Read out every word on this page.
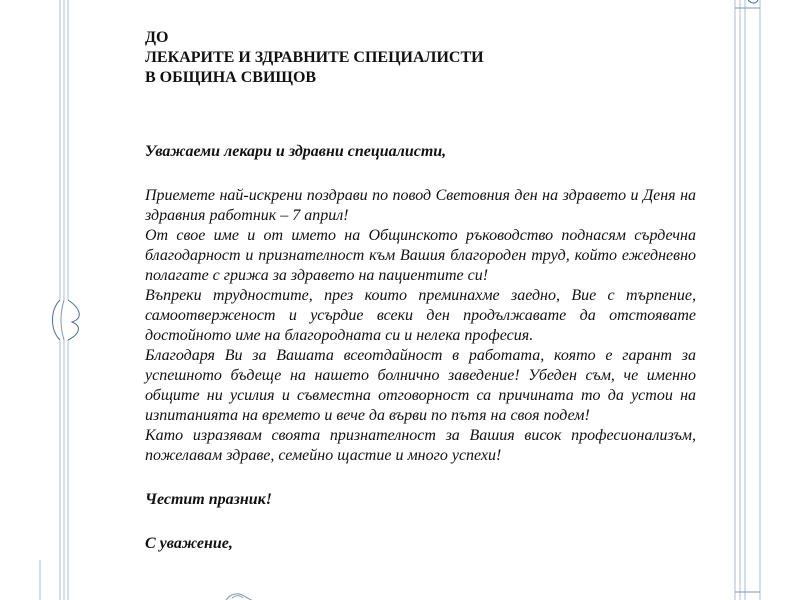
ДО

ЛЕКАРИТЕ И ЗДРАВНИТЕ СПЕЦИАЛИСТИ

В ОБЩИНА СВИЩОВ

Уважаеми лекари и здравни специалисти,

Приемете най-искрени поздрави по повод Световния ден на здравето и Деня на здравния работник – 7 април!

От свое име и от името на Общинското ръководство поднасям сърдечна благодарност и признателност към Вашия благороден труд, който ежедневно полагате с грижа за здравето на пациентите си!

Въпреки трудностите, през които преминахме заедно, Вие с търпение, самоотверженост и усърдие всеки ден продължавате да отстоявате достойното име на благородната си и нелека професия.

Благодаря Ви за Вашата всеотдайност в работата, която е гарант за успешното бъдеще на нашето болнично заведение! Убеден съм, че именно общите ни усилия и съвместна отговорност са причината то да устои на изпитанията на времето и вече да върви по пътя на своя подем!

Като изразявам своята признателност за Вашия висок професионализъм, пожелавам здраве, семейно щастие и много успехи!

Честит празник!

С уважение,
